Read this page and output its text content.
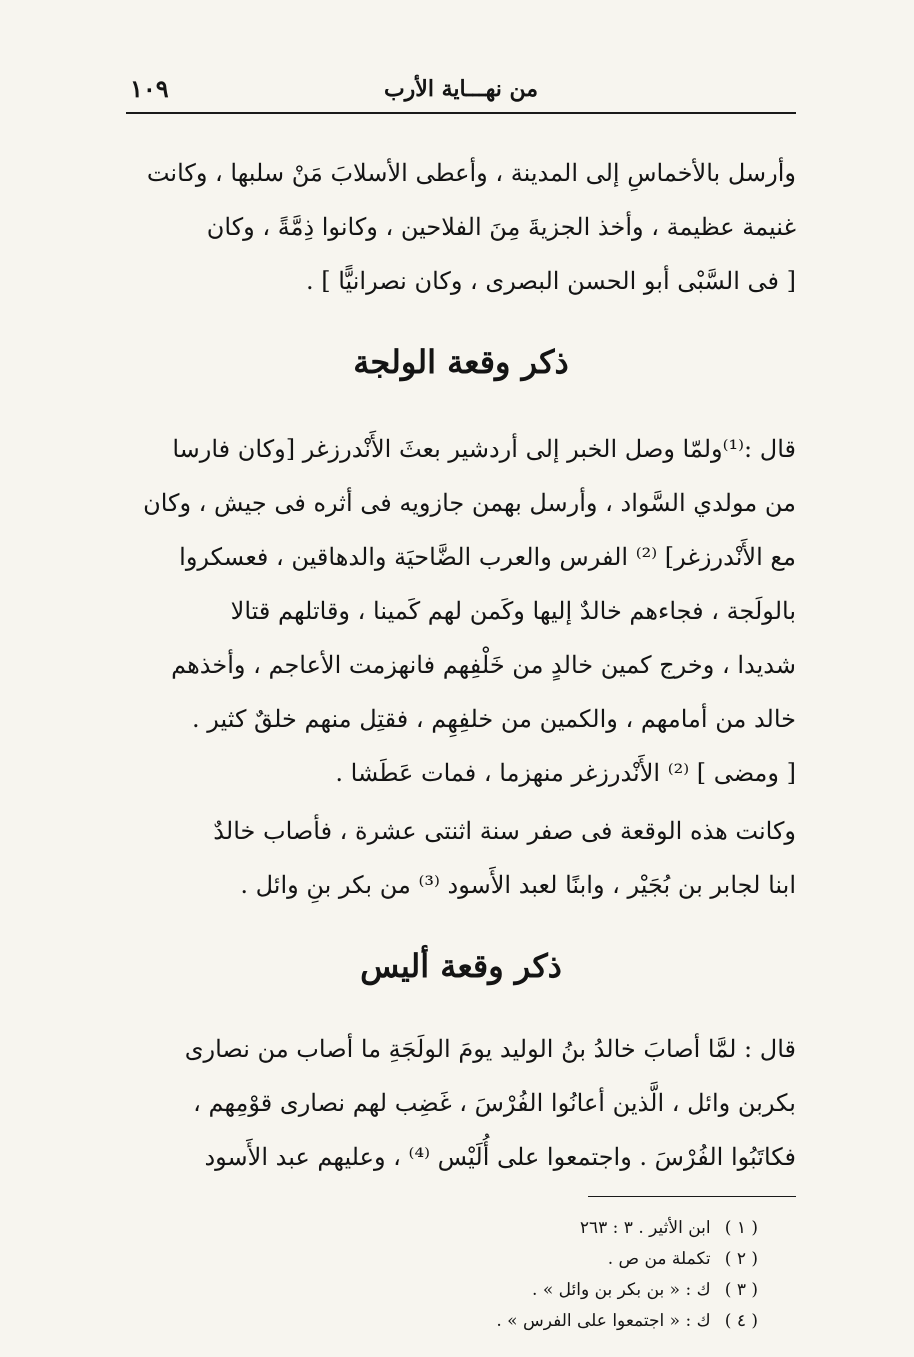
من نهـــاية الأرب
١٠٩
وأرسل بالأخماسِ إلى المدينة ، وأعطى الأسلابَ مَنْ سلبها ، وكانت
غنيمة عظيمة ، وأخذ الجزيةَ مِنَ الفلاحين ، وكانوا ذِمَّةً ، وكان
[ فى السَّبْى أبو الحسن البصرى ، وكان نصرانيًّا ] .
ذكر وقعة الولجة
قال :⁽¹⁾ولمّا وصل الخبر إلى أردشير بعثَ الأَنْدرزغر [وكان فارسا
من مولدي السَّواد ، وأرسل بهمن جازويه فى أثره فى جيش ، وكان
مع الأَنْدرزغر] ⁽²⁾ الفرس والعرب الضَّاحيَة والدهاقين ، فعسكروا
بالولَجة ، فجاءهم خالدٌ إليها وكَمن لهم كَمينا ، وقاتلهم قتالا
شديدا ، وخرج كمين خالدٍ من خَلْفِهم فانهزمت الأعاجم ، وأخذهم
خالد من أمامهم ، والكمين من خلفِهِم ، فقتِل منهم خلقٌ كثير .
[ ومضى ] ⁽²⁾ الأَنْدرزغر منهزما ، فمات عَطَشا .
وكانت هذه الوقعة فى صفر سنة اثنتى عشرة ، فأصاب خالدٌ
ابنا لجابر بن بُجَيْر ، وابنًا لعبد الأَسود ⁽³⁾ من بكر بنِ وائل .
ذكر وقعة أليس
قال : لمَّا أصابَ خالدُ بنُ الوليد يومَ الولَجَةِ ما أصاب من نصارى
بكربن وائل ، الَّذين أعانُوا الفُرْسَ ، غَضِب لهم نصارى قوْمِهم ،
فكاتَبُوا الفُرْسَ . واجتمعوا على أُلَيْس ⁽⁴⁾ ، وعليهم عبد الأَسود
( ١ ) ابن الأثير . ٣ : ٢٦٣
( ٢ ) تكملة من ص .
( ٣ ) ك : « بن بكر بن وائل » .
( ٤ ) ك : « اجتمعوا على الفرس » .
